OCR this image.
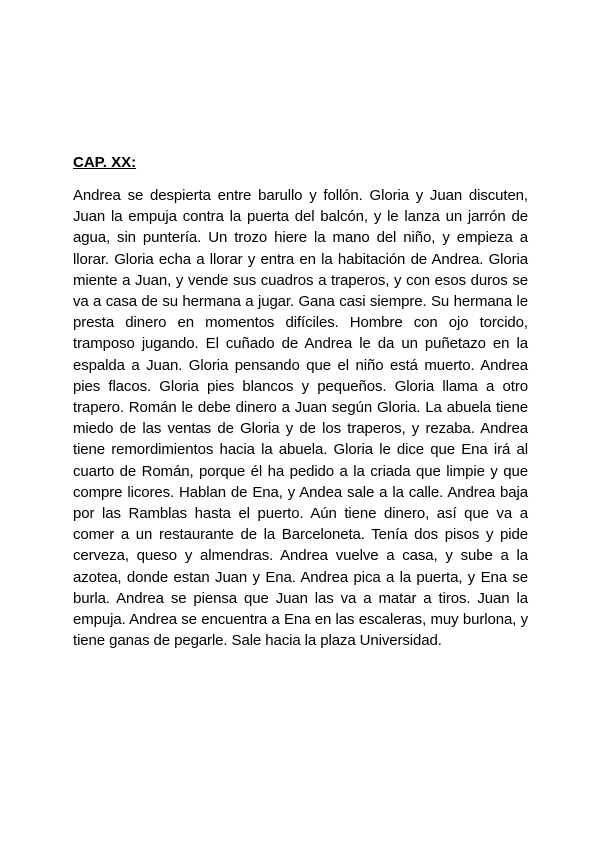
CAP. XX:

Andrea se despierta entre barullo y follón. Gloria y Juan discuten, Juan la empuja contra la puerta del balcón, y le lanza un jarrón de agua, sin puntería. Un trozo hiere la mano del niño, y empieza a llorar. Gloria echa a llorar y entra en la habitación de Andrea. Gloria miente a Juan, y vende sus cuadros a traperos, y con esos duros se va a casa de su hermana a jugar. Gana casi siempre. Su hermana le presta dinero en momentos difíciles. Hombre con ojo torcido, tramposo jugando. El cuñado de Andrea le da un puñetazo en la espalda a Juan. Gloria pensando que el niño está muerto. Andrea pies flacos. Gloria pies blancos y pequeños. Gloria llama a otro trapero. Román le debe dinero a Juan según Gloria. La abuela tiene miedo de las ventas de Gloria y de los traperos, y rezaba. Andrea tiene remordimientos hacia la abuela. Gloria le dice que Ena irá al cuarto de Román, porque él ha pedido a la criada que limpie y que compre licores. Hablan de Ena, y Andea sale a la calle. Andrea baja por las Ramblas hasta el puerto. Aún tiene dinero, así que va a comer a un restaurante de la Barceloneta. Tenía dos pisos y pide cerveza, queso y almendras. Andrea vuelve a casa, y sube a la azotea, donde estan Juan y Ena. Andrea pica a la puerta, y Ena se burla. Andrea se piensa que Juan las va a matar a tiros. Juan la empuja. Andrea se encuentra a Ena en las escaleras, muy burlona, y tiene ganas de pegarle. Sale hacia la plaza Universidad.
